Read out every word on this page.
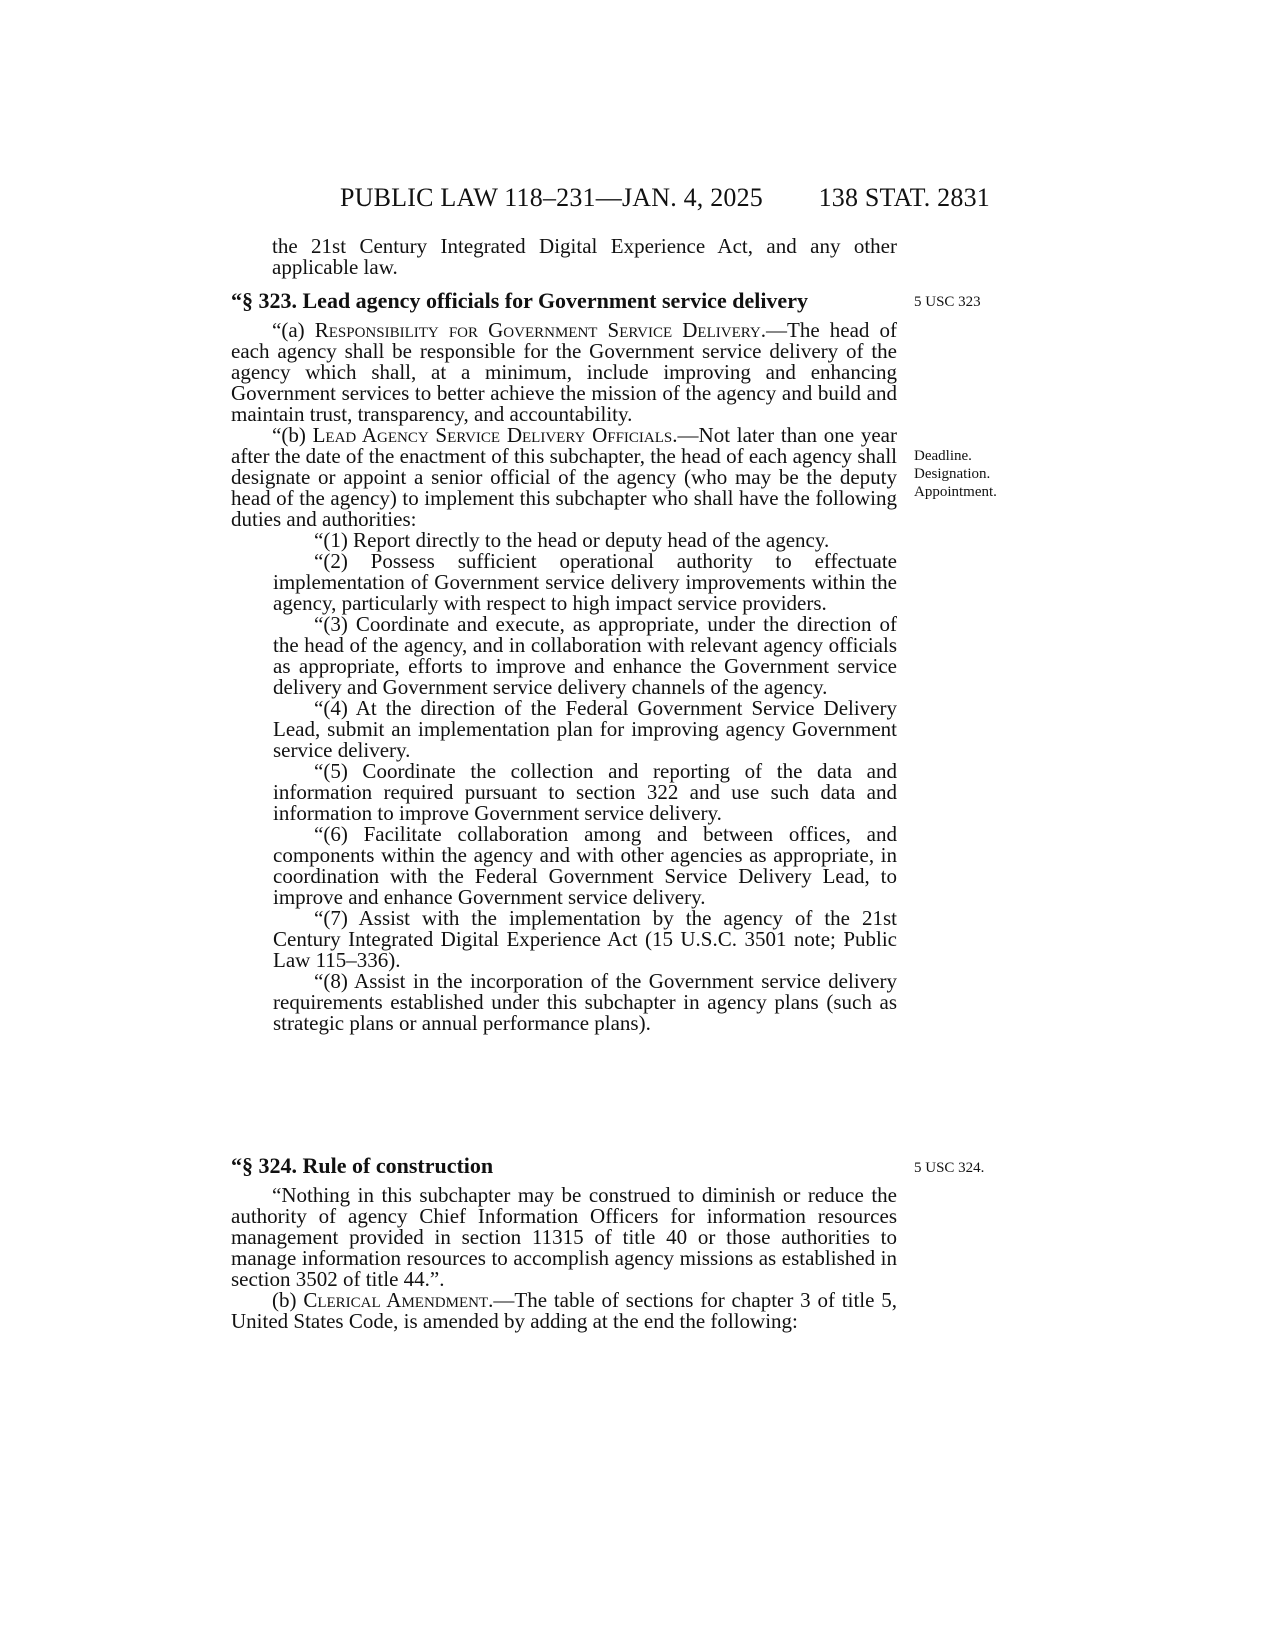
PUBLIC LAW 118–231—JAN. 4, 2025 138 STAT. 2831

the 21st Century Integrated Digital Experience Act, and any other applicable law.

“§ 323. Lead agency officials for Government service delivery	5 USC 323

“(a) Responsibility for Government Service Delivery.—The head of each agency shall be responsible for the Government service delivery of the agency which shall, at a minimum, include improving and enhancing Government services to better achieve the mission of the agency and build and maintain trust, transparency, and accountability.

“(b) Lead Agency Service Delivery Officials.—Not later than one year after the date of the enactment of this subchapter, the head of each agency shall designate or appoint a senior official of the agency (who may be the deputy head of the agency) to implement this subchapter who shall have the following duties and authorities:

“(1) Report directly to the head or deputy head of the agency.

“(2) Possess sufficient operational authority to effectuate implementation of Government service delivery improvements within the agency, particularly with respect to high impact service providers.

“(3) Coordinate and execute, as appropriate, under the direction of the head of the agency, and in collaboration with relevant agency officials as appropriate, efforts to improve and enhance the Government service delivery and Government service delivery channels of the agency.

“(4) At the direction of the Federal Government Service Delivery Lead, submit an implementation plan for improving agency Government service delivery.

“(5) Coordinate the collection and reporting of the data and information required pursuant to section 322 and use such data and information to improve Government service delivery.

“(6) Facilitate collaboration among and between offices, and components within the agency and with other agencies as appropriate, in coordination with the Federal Government Service Delivery Lead, to improve and enhance Government service delivery.

“(7) Assist with the implementation by the agency of the 21st Century Integrated Digital Experience Act (15 U.S.C. 3501 note; Public Law 115–336).

“(8) Assist in the incorporation of the Government service delivery requirements established under this subchapter in agency plans (such as strategic plans or annual performance plans).

Deadline.
Designation.
Appointment.

“§ 324. Rule of construction	5 USC 324.

“Nothing in this subchapter may be construed to diminish or reduce the authority of agency Chief Information Officers for information resources management provided in section 11315 of title 40 or those authorities to manage information resources to accomplish agency missions as established in section 3502 of title 44.”.

(b) Clerical Amendment.—The table of sections for chapter 3 of title 5, United States Code, is amended by adding at the end the following:
